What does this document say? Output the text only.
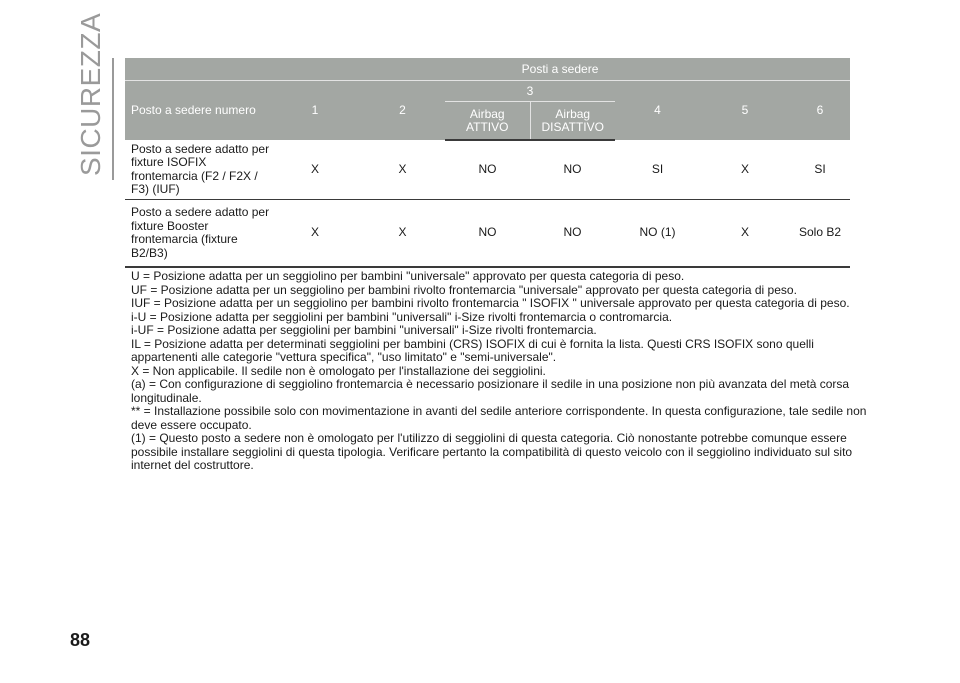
SICUREZZA
		Posti a sedere						
Posto a sedere numero	1	2	3		4	5	6
			Airbag ATTIVO	Airbag DISATTIVO			
Posto a sedere adatto per fixture ISOFIX frontemarcia (F2 / F2X / F3) (IUF)	X	X	NO	NO	SI	X	SI
Posto a sedere adatto per fixture Booster frontemarcia (fixture B2/B3)	X	X	NO	NO	NO (1)	X	Solo B2

U = Posizione adatta per un seggiolino per bambini "universale" approvato per questa categoria di peso.

UF = Posizione adatta per un seggiolino per bambini rivolto frontemarcia "universale" approvato per questa categoria di peso.

IUF = Posizione adatta per un seggiolino per bambini rivolto frontemarcia " ISOFIX " universale approvato per questa categoria di peso.

i-U = Posizione adatta per seggiolini per bambini "universali" i-Size rivolti frontemarcia o contromarcia.

i-UF = Posizione adatta per seggiolini per bambini "universali" i-Size rivolti frontemarcia.

IL = Posizione adatta per determinati seggiolini per bambini (CRS) ISOFIX di cui è fornita la lista. Questi CRS ISOFIX sono quelli appartenenti alle categorie "vettura specifica", "uso limitato" e "semi-universale".

X = Non applicabile. Il sedile non è omologato per l'installazione dei seggiolini.

(a) = Con configurazione di seggiolino frontemarcia è necessario posizionare il sedile in una posizione non più avanzata del metà corsa longitudinale.

** = Installazione possibile solo con movimentazione in avanti del sedile anteriore corrispondente. In questa configurazione, tale sedile non deve essere occupato.

(1) = Questo posto a sedere non è omologato per l'utilizzo di seggiolini di questa categoria. Ciò nonostante potrebbe comunque essere possibile installare seggiolini di questa tipologia. Verificare pertanto la compatibilità di questo veicolo con il seggiolino individuato sul sito internet del costruttore.

88
